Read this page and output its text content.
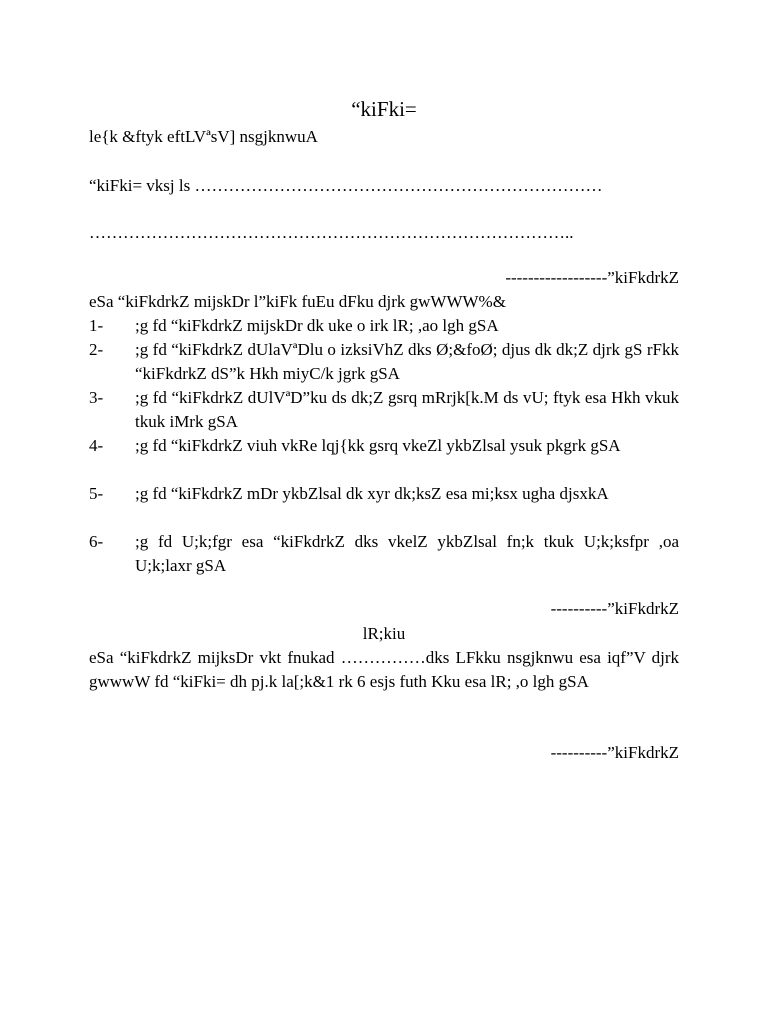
“kiFki=
le{k &ftyk eftLVªsV] nsgjknwuA
“kiFki= vksj ls ………………………………………………………………
…………………………………………………………………………..
------------------”kiFkdrkZ
eSa “kiFkdrkZ mijskDr l”kiFk fuEu dFku djrk gwWWW%&
1- ;g fd “kiFkdrkZ mijskDr dk uke o irk lR; ,ao lgh gSA
2- ;g fd “kiFkdrkZ dUlaVªDlu o izksiVhZ dks Ø;&foØ; djus dk dk;Z djrk gS rFkk “kiFkdrkZ dS”k Hkh miyC/k jgrk gSA
3- ;g fd “kiFkdrkZ dUlVªD”ku ds dk;Z gsrq mRrjk[k.M ds vU; ftyk esa Hkh vkuk tkuk iMrk gSA
4- ;g fd “kiFkdrkZ viuh vkRe lqj{kk gsrq vkeZl ykbZlsal ysuk pkgrk gSA
5- ;g fd “kiFkdrkZ mDr ykbZlsal dk xyr dk;ksZ esa mi;ksx ugha djsxkA
6- ;g fd U;k;fgr esa “kiFkdrkZ dks vkelZ ykbZlsal fn;k tkuk U;k;ksfpr ,oa U;k;laxr gSA
----------”kiFkdrkZ
lR;kiu
eSa “kiFkdrkZ mijksDr vkt fnukad ……………dks LFkku nsgjknwu esa iqf”V djrk gwwwW fd “kiFki= dh pj.k la[;k&1 rk 6 esjs futh Kku esa lR; ,o lgh gSA
----------”kiFkdrkZ
